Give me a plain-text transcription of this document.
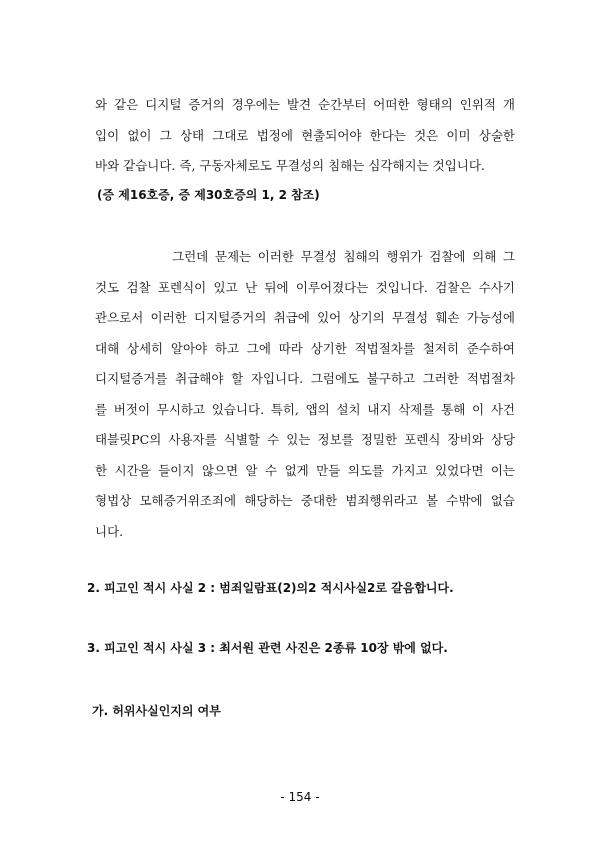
와 같은 디지털 증거의 경우에는 발견 순간부터 어떠한 형태의 인위적 개
입이 없이 그 상태 그대로 법정에 현출되어야 한다는 것은 이미 상술한
바와 같습니다. 즉, 구동자체로도 무결성의 침해는 심각해지는 것입니다.
(증 제16호증, 증 제30호증의 1, 2 참조)
그런데 문제는 이러한 무결성 침해의 행위가 검찰에 의해 그
것도 검찰 포렌식이 있고 난 뒤에 이루어졌다는 것입니다. 검찰은 수사기
관으로서 이러한 디지털증거의 취급에 있어 상기의 무결성 훼손 가능성에
대해 상세히 알아야 하고 그에 따라 상기한 적법절차를 철저히 준수하여
디지털증거를 취급해야 할 자입니다. 그럼에도 불구하고 그러한 적법절차
를 버젓이 무시하고 있습니다. 특히, 앱의 설치 내지 삭제를 통해 이 사건
태블릿PC의 사용자를 식별할 수 있는 정보를 정밀한 포렌식 장비와 상당
한 시간을 들이지 않으면 알 수 없게 만들 의도를 가지고 있었다면 이는
형법상 모해증거위조죄에 해당하는 중대한 범죄행위라고 볼 수밖에 없습
니다.
2. 피고인 적시 사실 2 : 범죄일람표(2)의2 적시사실2로 갈음합니다.
3. 피고인 적시 사실 3 : 최서원 관련 사진은 2종류 10장 밖에 없다.
가. 허위사실인지의 여부
- 154 -
